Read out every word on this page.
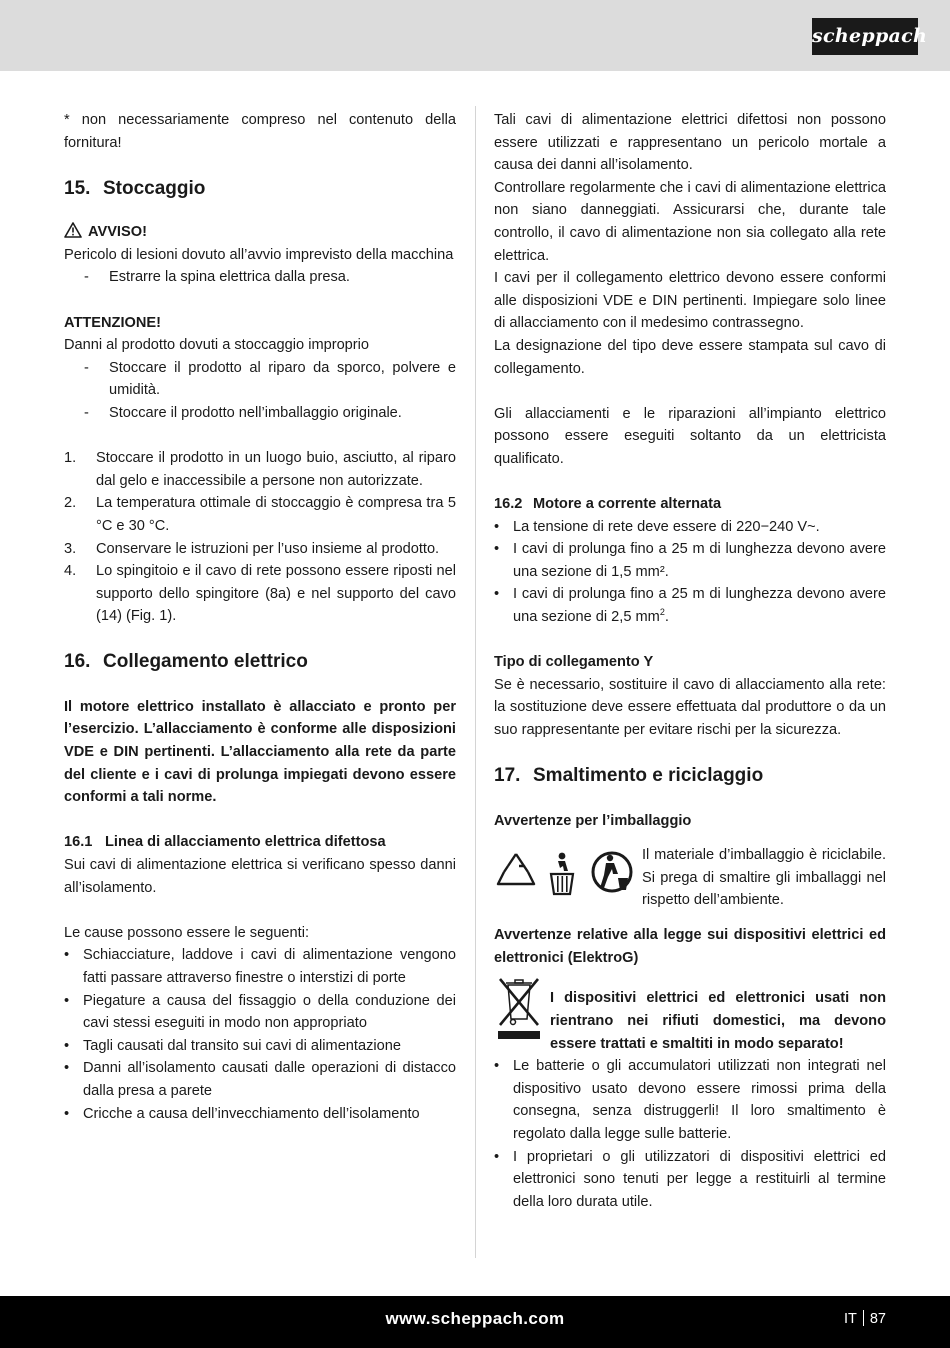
scheppach

* non necessariamente compreso nel contenuto della fornitura!

15. Stoccaggio

AVVISO!

Pericolo di lesioni dovuto all’avvio imprevisto della macchina

-	Estrarre la spina elettrica dalla presa.

ATTENZIONE!

Danni al prodotto dovuti a stoccaggio improprio

-	Stoccare il prodotto al riparo da sporco, polvere e umidità.
-	Stoccare il prodotto nell’imballaggio originale.
1.	Stoccare il prodotto in un luogo buio, asciutto, al riparo dal gelo e inaccessibile a persone non autorizzate.
2.	La temperatura ottimale di stoccaggio è compresa tra 5 °C e 30 °C.
3.	Conservare le istruzioni per l’uso insieme al prodotto.
4.	Lo spingitoio e il cavo di rete possono essere riposti nel supporto dello spingitore (8a) e nel supporto del cavo (14) (Fig. 1).
16. Collegamento elettrico

Il motore elettrico installato è allacciato e pronto per l’esercizio. L’allacciamento è conforme alle disposizioni VDE e DIN pertinenti. L’allacciamento alla rete da parte del cliente e i cavi di prolunga impiegati devono essere conformi a tali norme.

16.1 Linea di allacciamento elettrica difettosa

Sui cavi di alimentazione elettrica si verificano spesso danni all’isolamento.

Le cause possono essere le seguenti:

• Schiacciature, laddove i cavi di alimentazione vengono fatti passare attraverso finestre o interstizi di porte
• Piegature a causa del fissaggio o della conduzione dei cavi stessi eseguiti in modo non appropriato
• Tagli causati dal transito sui cavi di alimentazione
• Danni all’isolamento causati dalle operazioni di distacco dalla presa a parete
• Cricche a causa dell’invecchiamento dell’isolamento

Tali cavi di alimentazione elettrici difettosi non possono essere utilizzati e rappresentano un pericolo mortale a causa dei danni all’isolamento.

Controllare regolarmente che i cavi di alimentazione elettrica non siano danneggiati. Assicurarsi che, durante tale controllo, il cavo di alimentazione non sia collegato alla rete elettrica.

I cavi per il collegamento elettrico devono essere conformi alle disposizioni VDE e DIN pertinenti. Impiegare solo linee di allacciamento con il medesimo contrassegno.

La designazione del tipo deve essere stampata sul cavo di collegamento.

Gli allacciamenti e le riparazioni all’impianto elettrico possono essere eseguiti soltanto da un elettricista qualificato.

16.2 Motore a corrente alternata
• La tensione di rete deve essere di 220−240 V~.
• I cavi di prolunga fino a 25 m di lunghezza devono avere una sezione di 1,5 mm².
• I cavi di prolunga fino a 25 m di lunghezza devono avere una sezione di 2,5 $mm^2$.

Tipo di collegamento Y

Se è necessario, sostituire il cavo di allacciamento alla rete: la sostituzione deve essere effettuata dal produttore o da un suo rappresentante per evitare rischi per la sicurezza.

17. Smaltimento e riciclaggio

Avvertenze per l’imballaggio

Il materiale d’imballaggio è riciclabile. Si prega di smaltire gli imballaggi nel rispetto dell’ambiente.

Avvertenze relative alla legge sui dispositivi elettrici ed elettronici (ElektroG)

I dispositivi elettrici ed elettronici usati non rientrano nei rifiuti domestici, ma devono essere trattati e smaltiti in modo separato!

• Le batterie o gli accumulatori utilizzati non integrati nel dispositivo usato devono essere rimossi prima della consegna, senza distruggerli! Il loro smaltimento è regolato dalla legge sulle batterie.
• I proprietari o gli utilizzatori di dispositivi elettrici ed elettronici sono tenuti per legge a restituirli al termine della loro durata utile.
www.scheppach.com	IT 87
